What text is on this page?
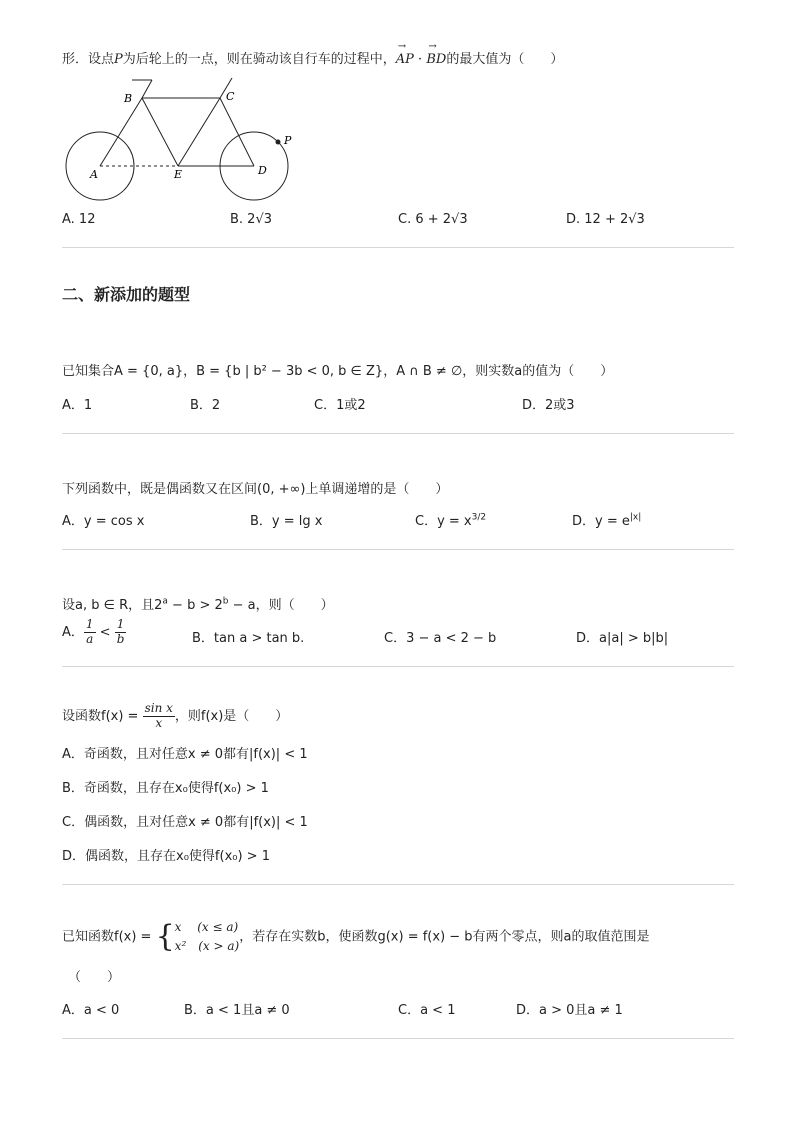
形．设点P为后轮上的一点，则在骑动该自行车的过程中，→ AP · → BD的最大值为（　　）
A
B	C
D
E
P
A. 12	B. 2√3	C. 6 + 2√3	D. 12 + 2√3
二、新添加的题型
已知集合A = {0, a}，B = {b | b² − 3b < 0, b ∈ Z}，A ∩ B ≠ ∅，则实数a的值为（　　）
A．1	B．2	C．1或2	D．2或3
下列函数中，既是偶函数又在区间(0, +∞)上单调递增的是（　　）
A．y = cos x	B．y = lg x	C．$y = x^{3/2}$	D．$y = e^{|x|}$
设a, b ∈ R，且$2^a - b > 2^b - a$，则（　　）
A． $\frac{1}{a} < \frac{1}{b}$	B．tan a > tan b.	C．3 − a < 2 − b	D．a|a| > b|b|
设函数$f(x) = \frac{\text{sin x}}{x}$ ，则f(x)是（　　）
A．奇函数，且对任意x ≠ 0都有|f(x)| < 1
B．奇函数，且存在x₀使得f(x₀) > 1
C．偶函数，且对任意x ≠ 0都有|f(x)| < 1
D．偶函数，且存在x₀使得f(x₀) > 1
已知函数f(x) = { x　 (x ≤ a)
x²　(x > a)
，若存在实数b，使函数g(x) = f(x) − b有两个零点，则a的取值范围是
（　　）
A．a < 0	B．a < 1且a ≠ 0	C．a < 1	D．a > 0且a ≠ 1
